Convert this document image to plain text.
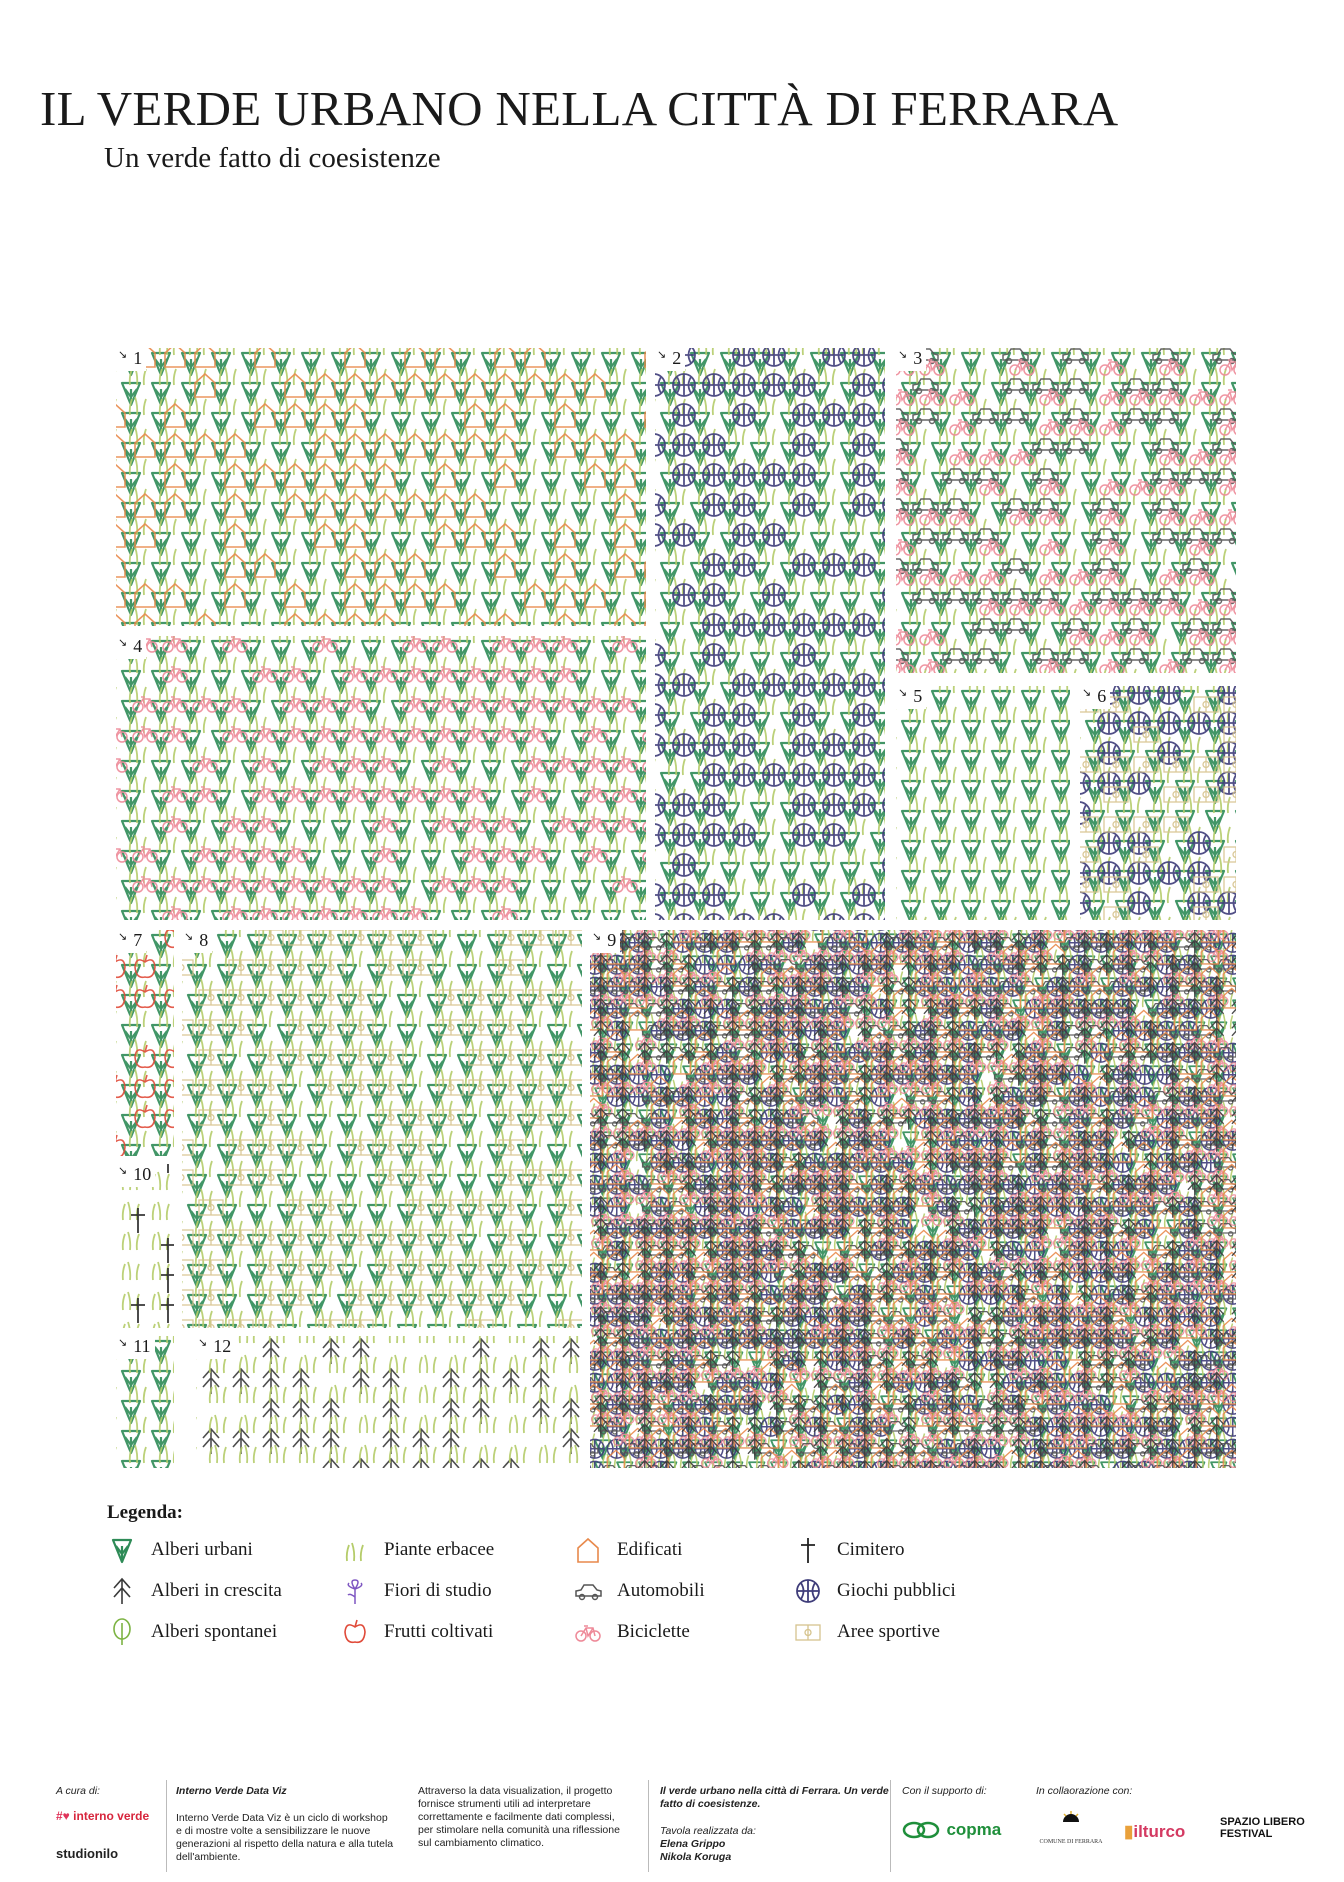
IL VERDE URBANO NELLA CITTÀ DI FERRARA
Un verde fatto di coesistenze
↘ 1	↘ 2	↘ 3
↘ 4
↘ 5	↘ 6
↘ 7	↘ 8	↘ 9
↘ 10
↘ 11	↘ 12
Legenda:
Alberi urbani
Alberi in crescita
Alberi spontanei
Piante erbacee
Fiori di studio
Frutti coltivati
Edificati
Automobili
Biciclette
Cimitero
Giochi pubblici
Aree sportive
A cura di:
#♥ interno verde
studionilo
Interno Verde Data Viz
Interno Verde Data Viz è un ciclo di workshop e di mostre volte a sensibilizzare le nuove generazioni al rispetto della natura e alla tutela dell'ambiente.
Attraverso la data visualization, il progetto fornisce strumenti utili ad interpretare correttamente e facilmente dati complessi, per stimolare nella comunità una riflessione sul cambiamento climatico.
Il verde urbano nella città di Ferrara. Un verde fatto di coesistenze.
Tavola realizzata da:
Elena Grippo
Nikola Koruga
Con il supporto di:
copma
In collaorazione con:
COMUNE DI FERRARA
▮ilturco	SPAZIO LIBERO FESTIVAL
